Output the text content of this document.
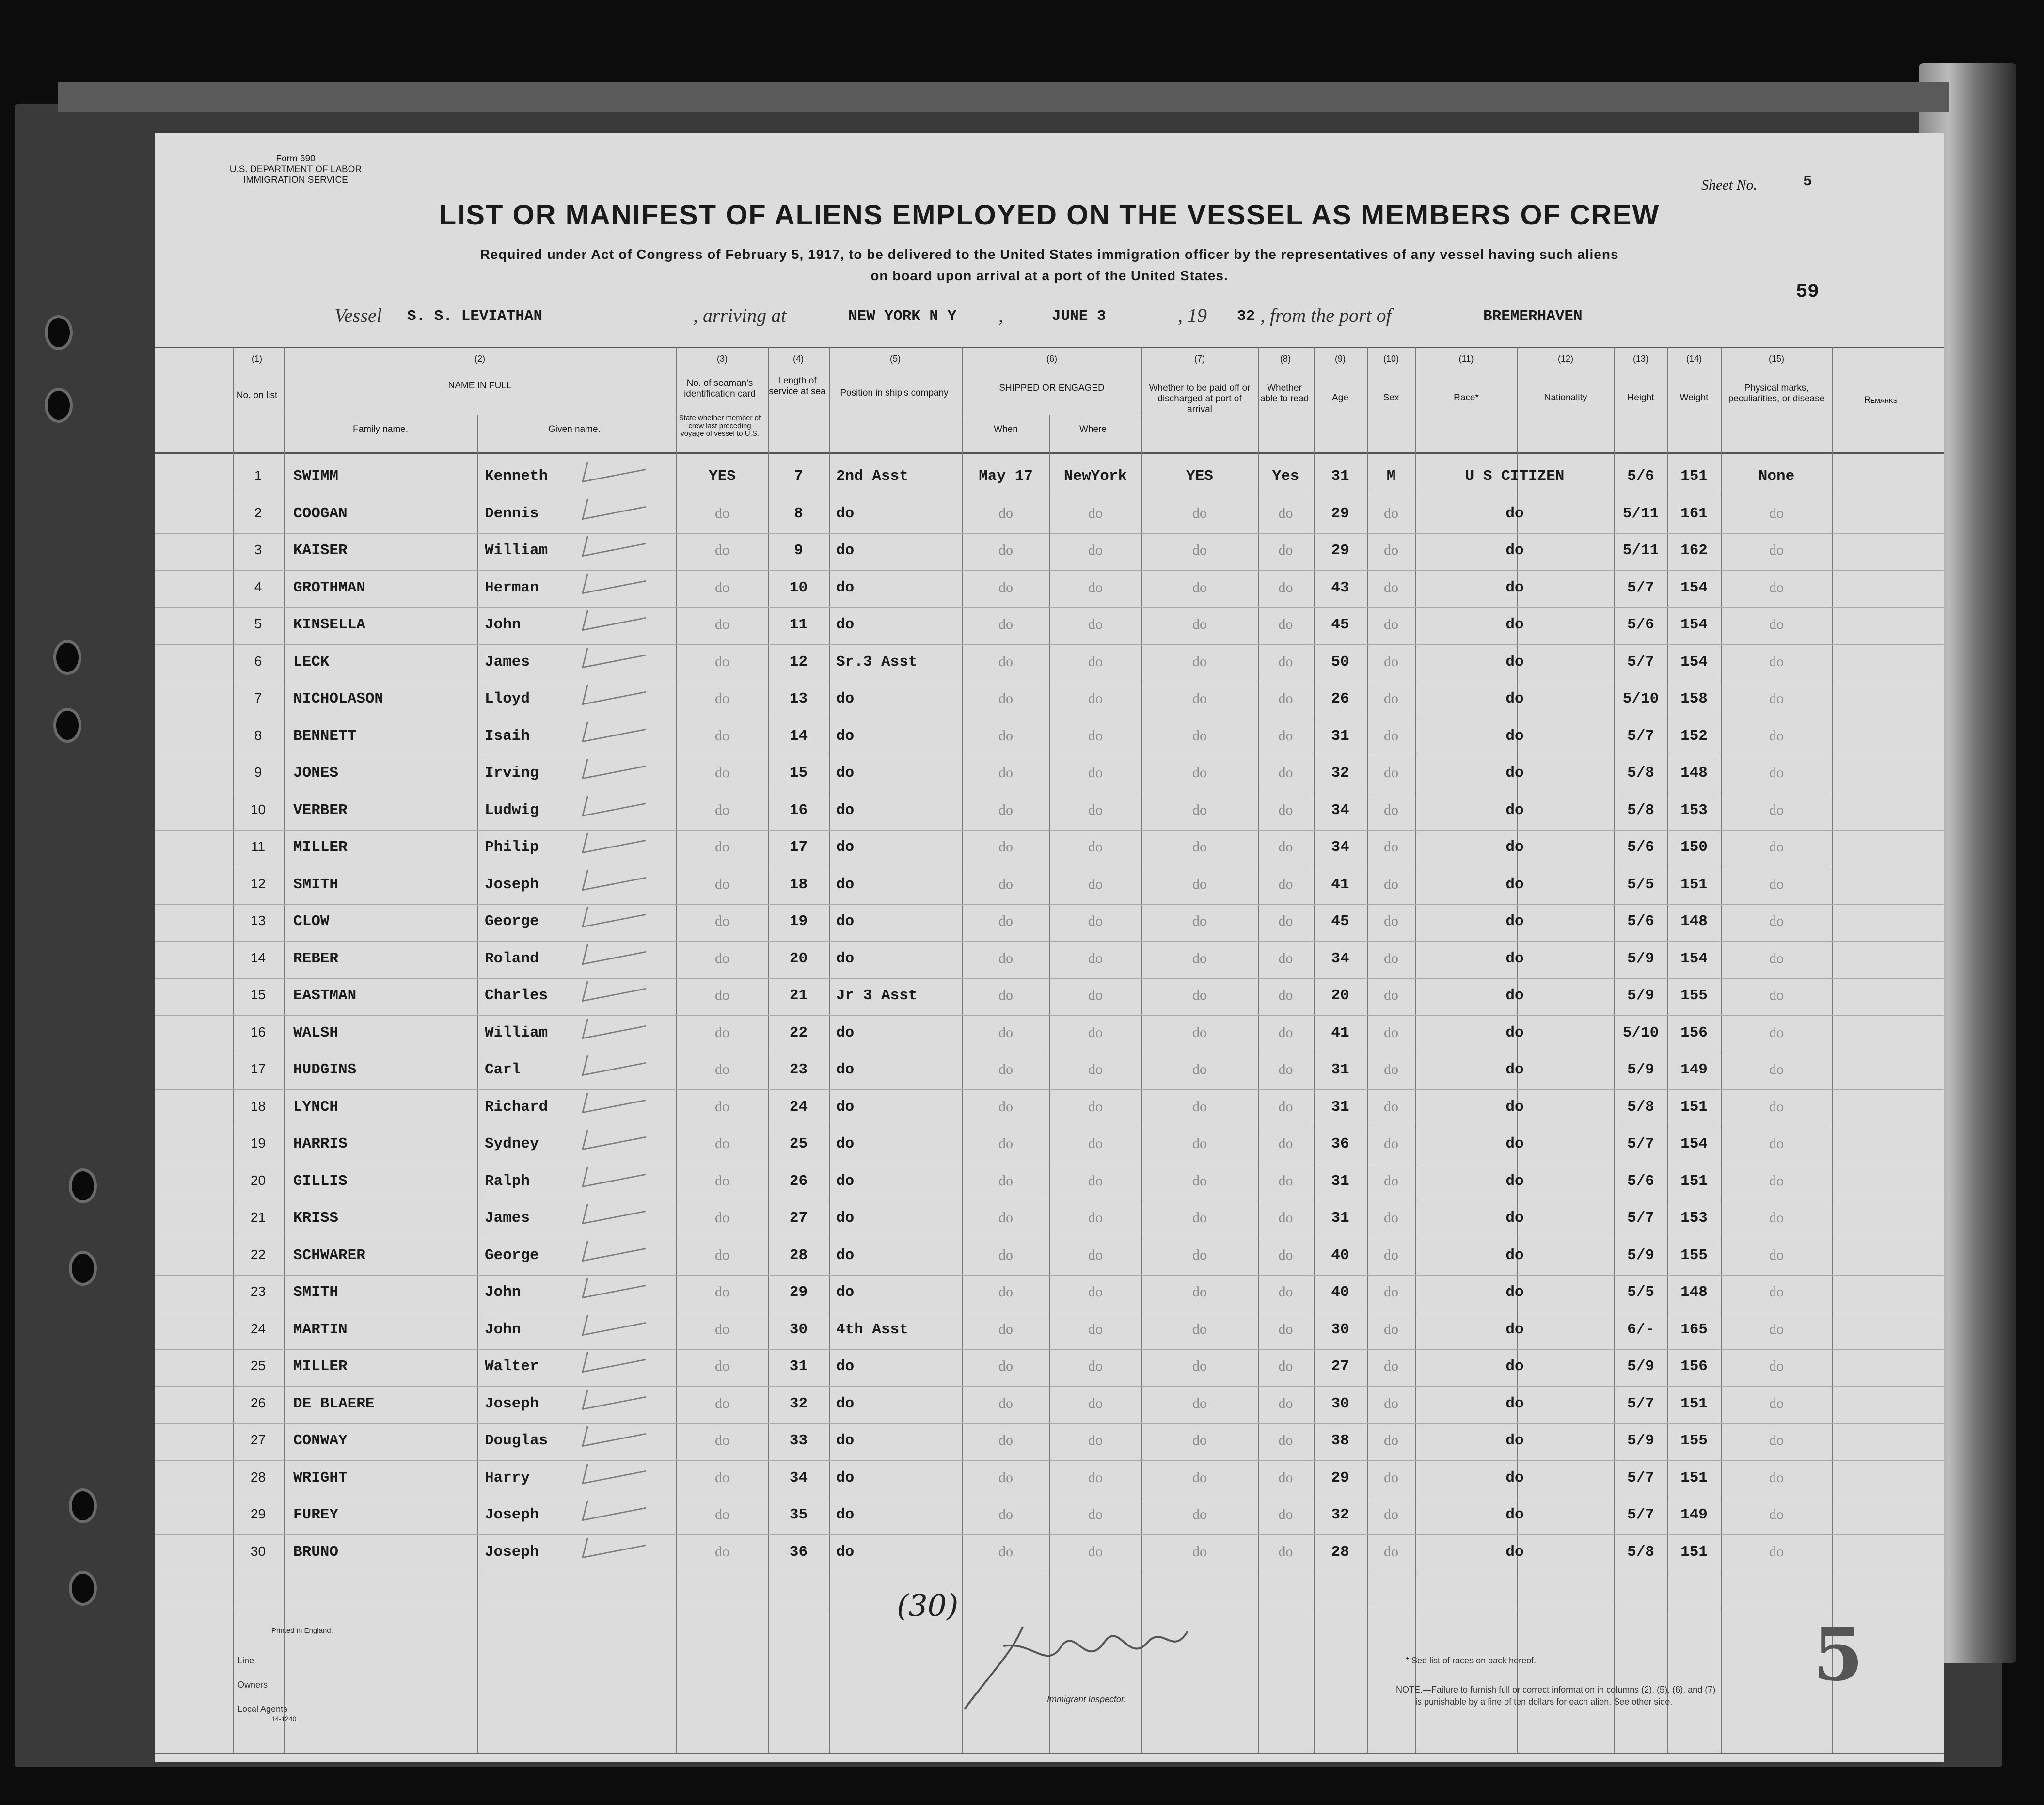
Form 690
U.S. DEPARTMENT OF LABOR
IMMIGRATION SERVICE	Sheet No.	5
LIST OR MANIFEST OF ALIENS EMPLOYED ON THE VESSEL AS MEMBERS OF CREW
Required under Act of Congress of February 5, 1917, to be delivered to the United States immigration officer by the representatives of any vessel having such aliens
on board upon arrival at a port of the United States.
59
Vessel S. S. LEVIATHAN	, arriving at	NEW YORK N Y ,	JUNE 3	, 19 32 , from the port of	BREMERHAVEN
(1)	(2)	(3)	(4)	(5)	(6)	(7)	(8)	(9)	(10)	(11)	(12)	(13)	(14)	(15)
No. on list
NAME IN FULL
Family name.	Given name.
No. of seaman's identification card
State whether member of crew last preceding voyage of vessel to U.S.
Length of service at sea	Position in ship's company	SHIPPED OR ENGAGED
When	Where
Whether to be paid off or discharged at port of arrival
Whether able to read	Age	Sex	Race*	Nationality	Height	Weight
Physical marks, peculiarities, or disease	Remarks
1	SWIMM	Kenneth	YES	7	2nd Asst	May 17	NewYork	YES	Yes	31	M	U S CITIZEN	5/6	151	None
2	COOGAN	Dennis	do	8	do	do	do	do	do	29	do	do	5/11	161	do
3	KAISER	William	do	9	do	do	do	do	do	29	do	do	5/11	162	do
4	GROTHMAN	Herman	do	10	do	do	do	do	do	43	do	do	5/7	154	do
5	KINSELLA	John	do	11	do	do	do	do	do	45	do	do	5/6	154	do
6	LECK	James	do	12	Sr.3 Asst	do	do	do	do	50	do	do	5/7	154	do
7	NICHOLASON	Lloyd	do	13	do	do	do	do	do	26	do	do	5/10	158	do
8	BENNETT	Isaih	do	14	do	do	do	do	do	31	do	do	5/7	152	do
9	JONES	Irving	do	15	do	do	do	do	do	32	do	do	5/8	148	do
10	VERBER	Ludwig	do	16	do	do	do	do	do	34	do	do	5/8	153	do
11	MILLER	Philip	do	17	do	do	do	do	do	34	do	do	5/6	150	do
12	SMITH	Joseph	do	18	do	do	do	do	do	41	do	do	5/5	151	do
13	CLOW	George	do	19	do	do	do	do	do	45	do	do	5/6	148	do
14	REBER	Roland	do	20	do	do	do	do	do	34	do	do	5/9	154	do
15	EASTMAN	Charles	do	21	Jr 3 Asst	do	do	do	do	20	do	do	5/9	155	do
16	WALSH	William	do	22	do	do	do	do	do	41	do	do	5/10	156	do
17	HUDGINS	Carl	do	23	do	do	do	do	do	31	do	do	5/9	149	do
18	LYNCH	Richard	do	24	do	do	do	do	do	31	do	do	5/8	151	do
19	HARRIS	Sydney	do	25	do	do	do	do	do	36	do	do	5/7	154	do
20	GILLIS	Ralph	do	26	do	do	do	do	do	31	do	do	5/6	151	do
21	KRISS	James	do	27	do	do	do	do	do	31	do	do	5/7	153	do
22	SCHWARER	George	do	28	do	do	do	do	do	40	do	do	5/9	155	do
23	SMITH	John	do	29	do	do	do	do	do	40	do	do	5/5	148	do
24	MARTIN	John	do	30	4th Asst	do	do	do	do	30	do	do	6/-	165	do
25	MILLER	Walter	do	31	do	do	do	do	do	27	do	do	5/9	156	do
26	DE BLAERE	Joseph	do	32	do	do	do	do	do	30	do	do	5/7	151	do
27	CONWAY	Douglas	do	33	do	do	do	do	do	38	do	do	5/9	155	do
28	WRIGHT	Harry	do	34	do	do	do	do	do	29	do	do	5/7	151	do
29	FUREY	Joseph	do	35	do	do	do	do	do	32	do	do	5/7	149	do
30	BRUNO	Joseph	do	36	do	do	do	do	do	28	do	do	5/8	151	do
(30)
Printed in England.
Line
Owners
Local Agents
14-1240
Immigrant Inspector.
* See list of races on back hereof.
NOTE.—Failure to furnish full or correct information in columns (2), (5), (6), and (7)
is punishable by a fine of ten dollars for each alien. See other side.
5
